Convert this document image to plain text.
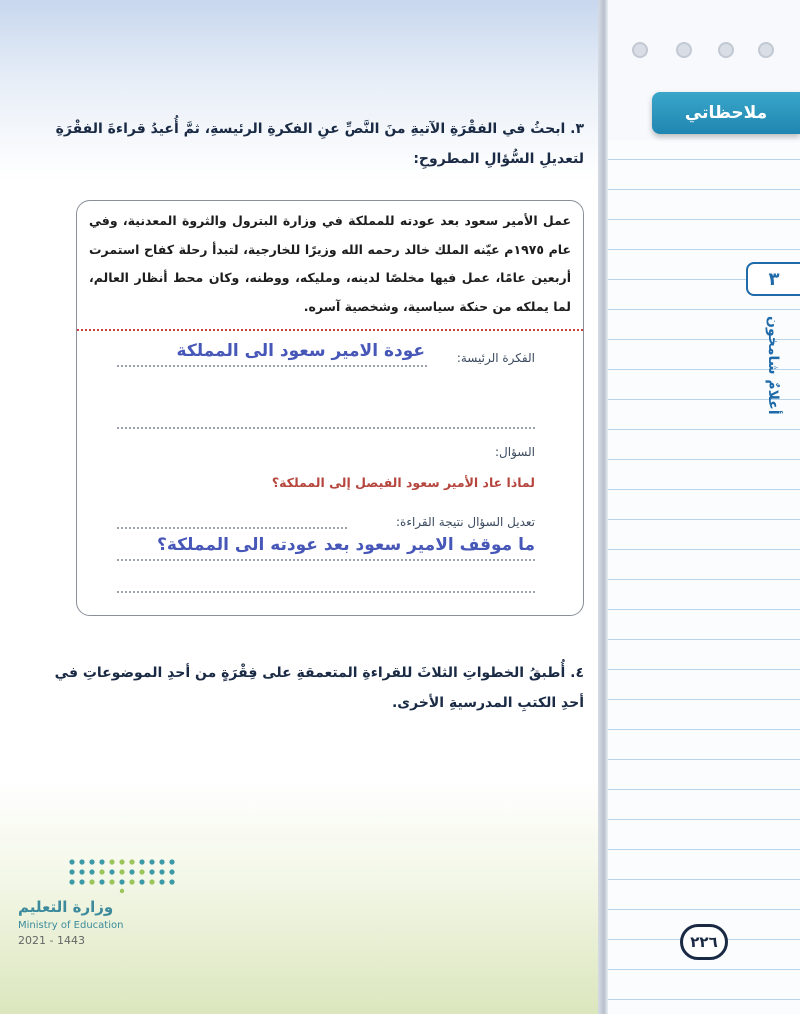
٣. ابحثُ في الفقْرَةِ الآتيةِ منَ النَّصِّ عنِ الفكرةِ الرئيسةِ، ثمَّ أُعيدُ قراءةَ الفقْرَةِ
لتعديلِ السُّؤالِ المطروحِ:
عمل الأمير سعود بعد عودته للمملكة في وزارة البترول والثروة المعدنية، وفي عام ١٩٧٥م عيّنه الملك خالد رحمه الله وزيرًا للخارجية، لتبدأ رحلة كفاح استمرت أربعين عامًا، عمل فيها مخلصًا لدينه، ومليكه، ووطنه، وكان محط أنظار العالم، لما يملكه من حنكة سياسية، وشخصية آسره.
الفكرة الرئيسة:
عودة الامير سعود الى المملكة
السؤال:
لماذا عاد الأمير سعود الفيصل إلى المملكة؟
تعديل السؤال نتيجة القراءة:
ما موقف الامير سعود بعد عودته الى المملكة؟
٤. أُطبقُ الخطواتِ الثلاثَ للقراءةِ المتعمقةِ على فِقْرَةٍ من أحدِ الموضوعاتِ في
أحدِ الكتبِ المدرسيةِ الأخرى.
وزارة التعليم
Ministry of Education
2021 - 1443
ملاحظاتي
٣
أعلامٌ شامخون
٢٢٦
